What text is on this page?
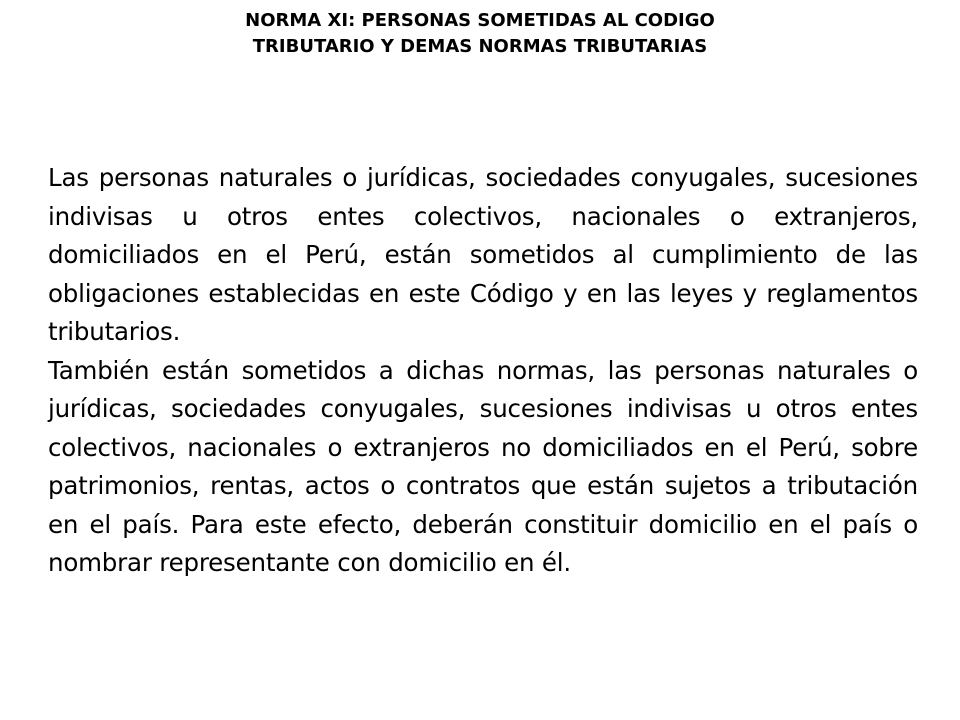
NORMA XI: PERSONAS SOMETIDAS AL CODIGO
TRIBUTARIO Y DEMAS NORMAS TRIBUTARIAS

Las personas naturales o jurídicas, sociedades conyugales, sucesiones indivisas u otros entes colectivos, nacionales o extranjeros, domiciliados en el Perú, están sometidos al cumplimiento de las obligaciones establecidas en este Código y en las leyes y reglamentos tributarios.

También están sometidos a dichas normas, las personas naturales o jurídicas, sociedades conyugales, sucesiones indivisas u otros entes colectivos, nacionales o extranjeros no domiciliados en el Perú, sobre patrimonios, rentas, actos o contratos que están sujetos a tributación en el país. Para este efecto, deberán constituir domicilio en el país o nombrar representante con domicilio en él.
